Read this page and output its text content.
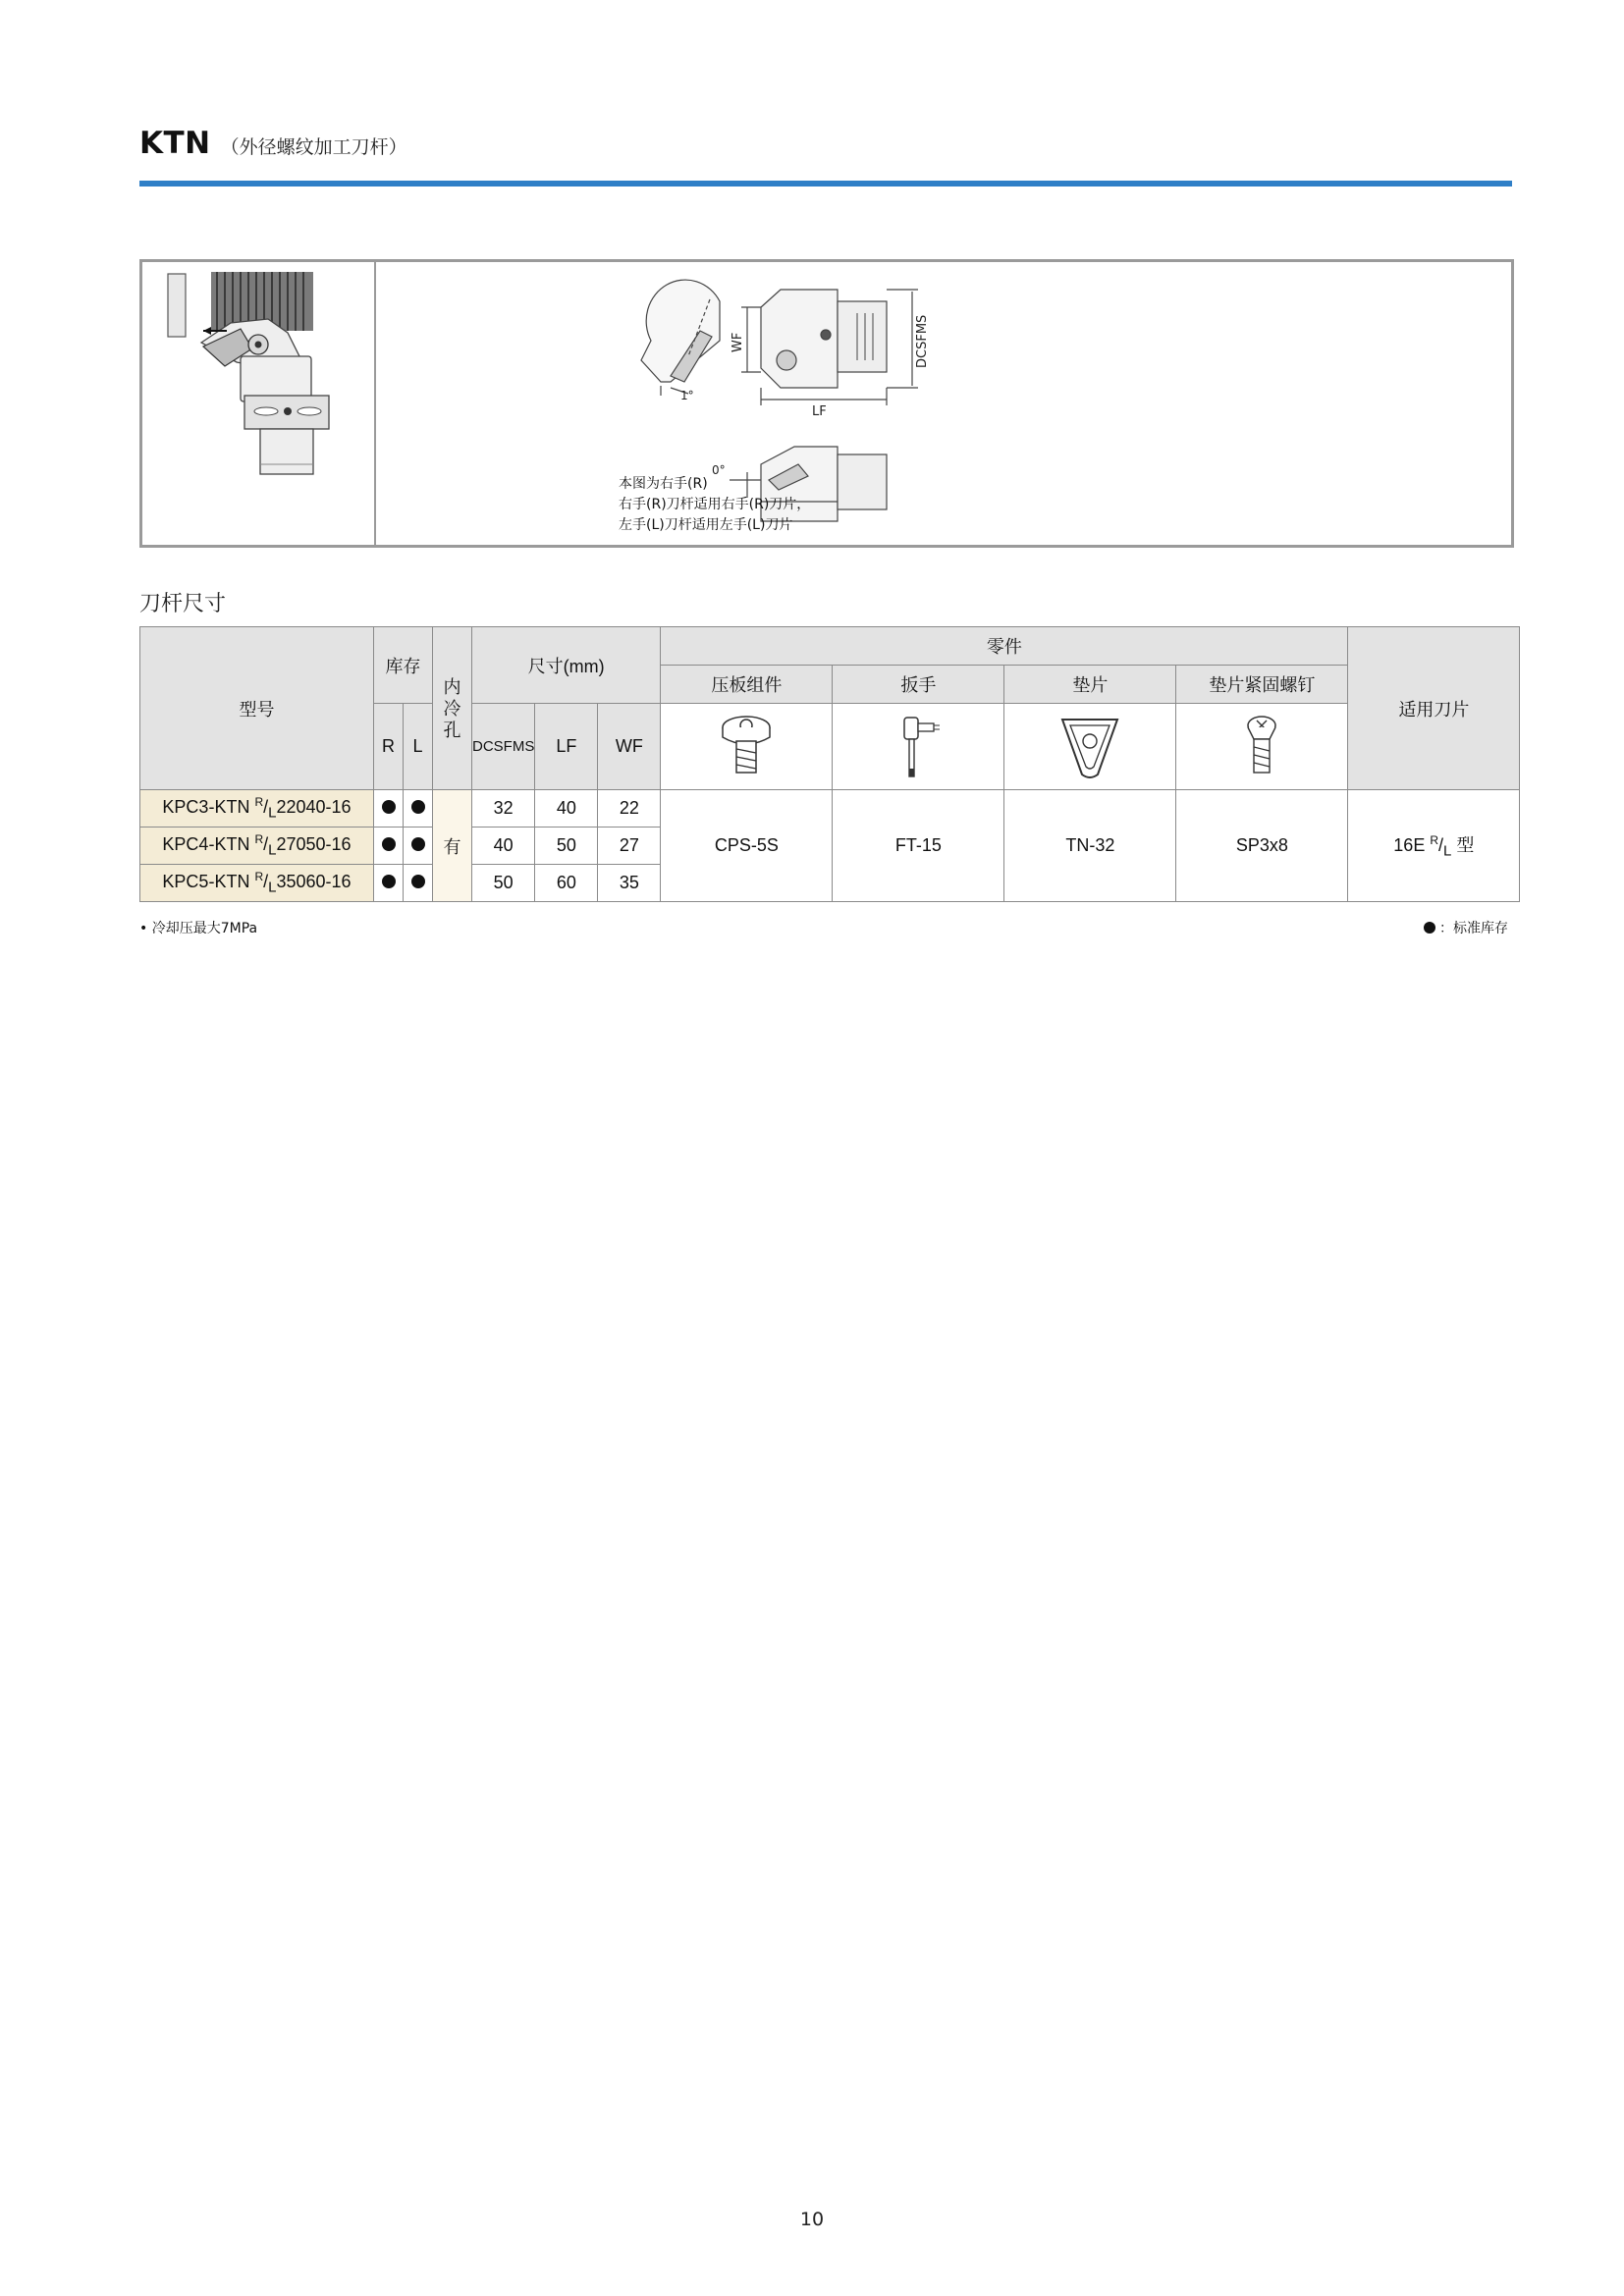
KTN （外径螺纹加工刀杆）
1°
DCSFMS
WF
LF
0°
本图为右手(R)
右手(R)刀杆适用右手(R)刀片，
左手(L)刀杆适用左手(L)刀片
刀杆尺寸
型号	库存		内冷孔	尺寸(mm)			零件				适用刀片
							压板组件	扳手	垫片	垫片紧固螺钉	
	R	L		DCSFMS	LF	WF	

KPC3-KTN $^R/_L22040-16$			有	32	40	22	CPS-5S	FT-15	TN-32	SP3x8	16E $^R/_L$ 型
KPC4-KTN $^R/_L27050-16$				40	50	27					
KPC5-KTN $^R/_L35060-16$				50	60	35					
• 冷却压最大7MPa	：标准库存
10
